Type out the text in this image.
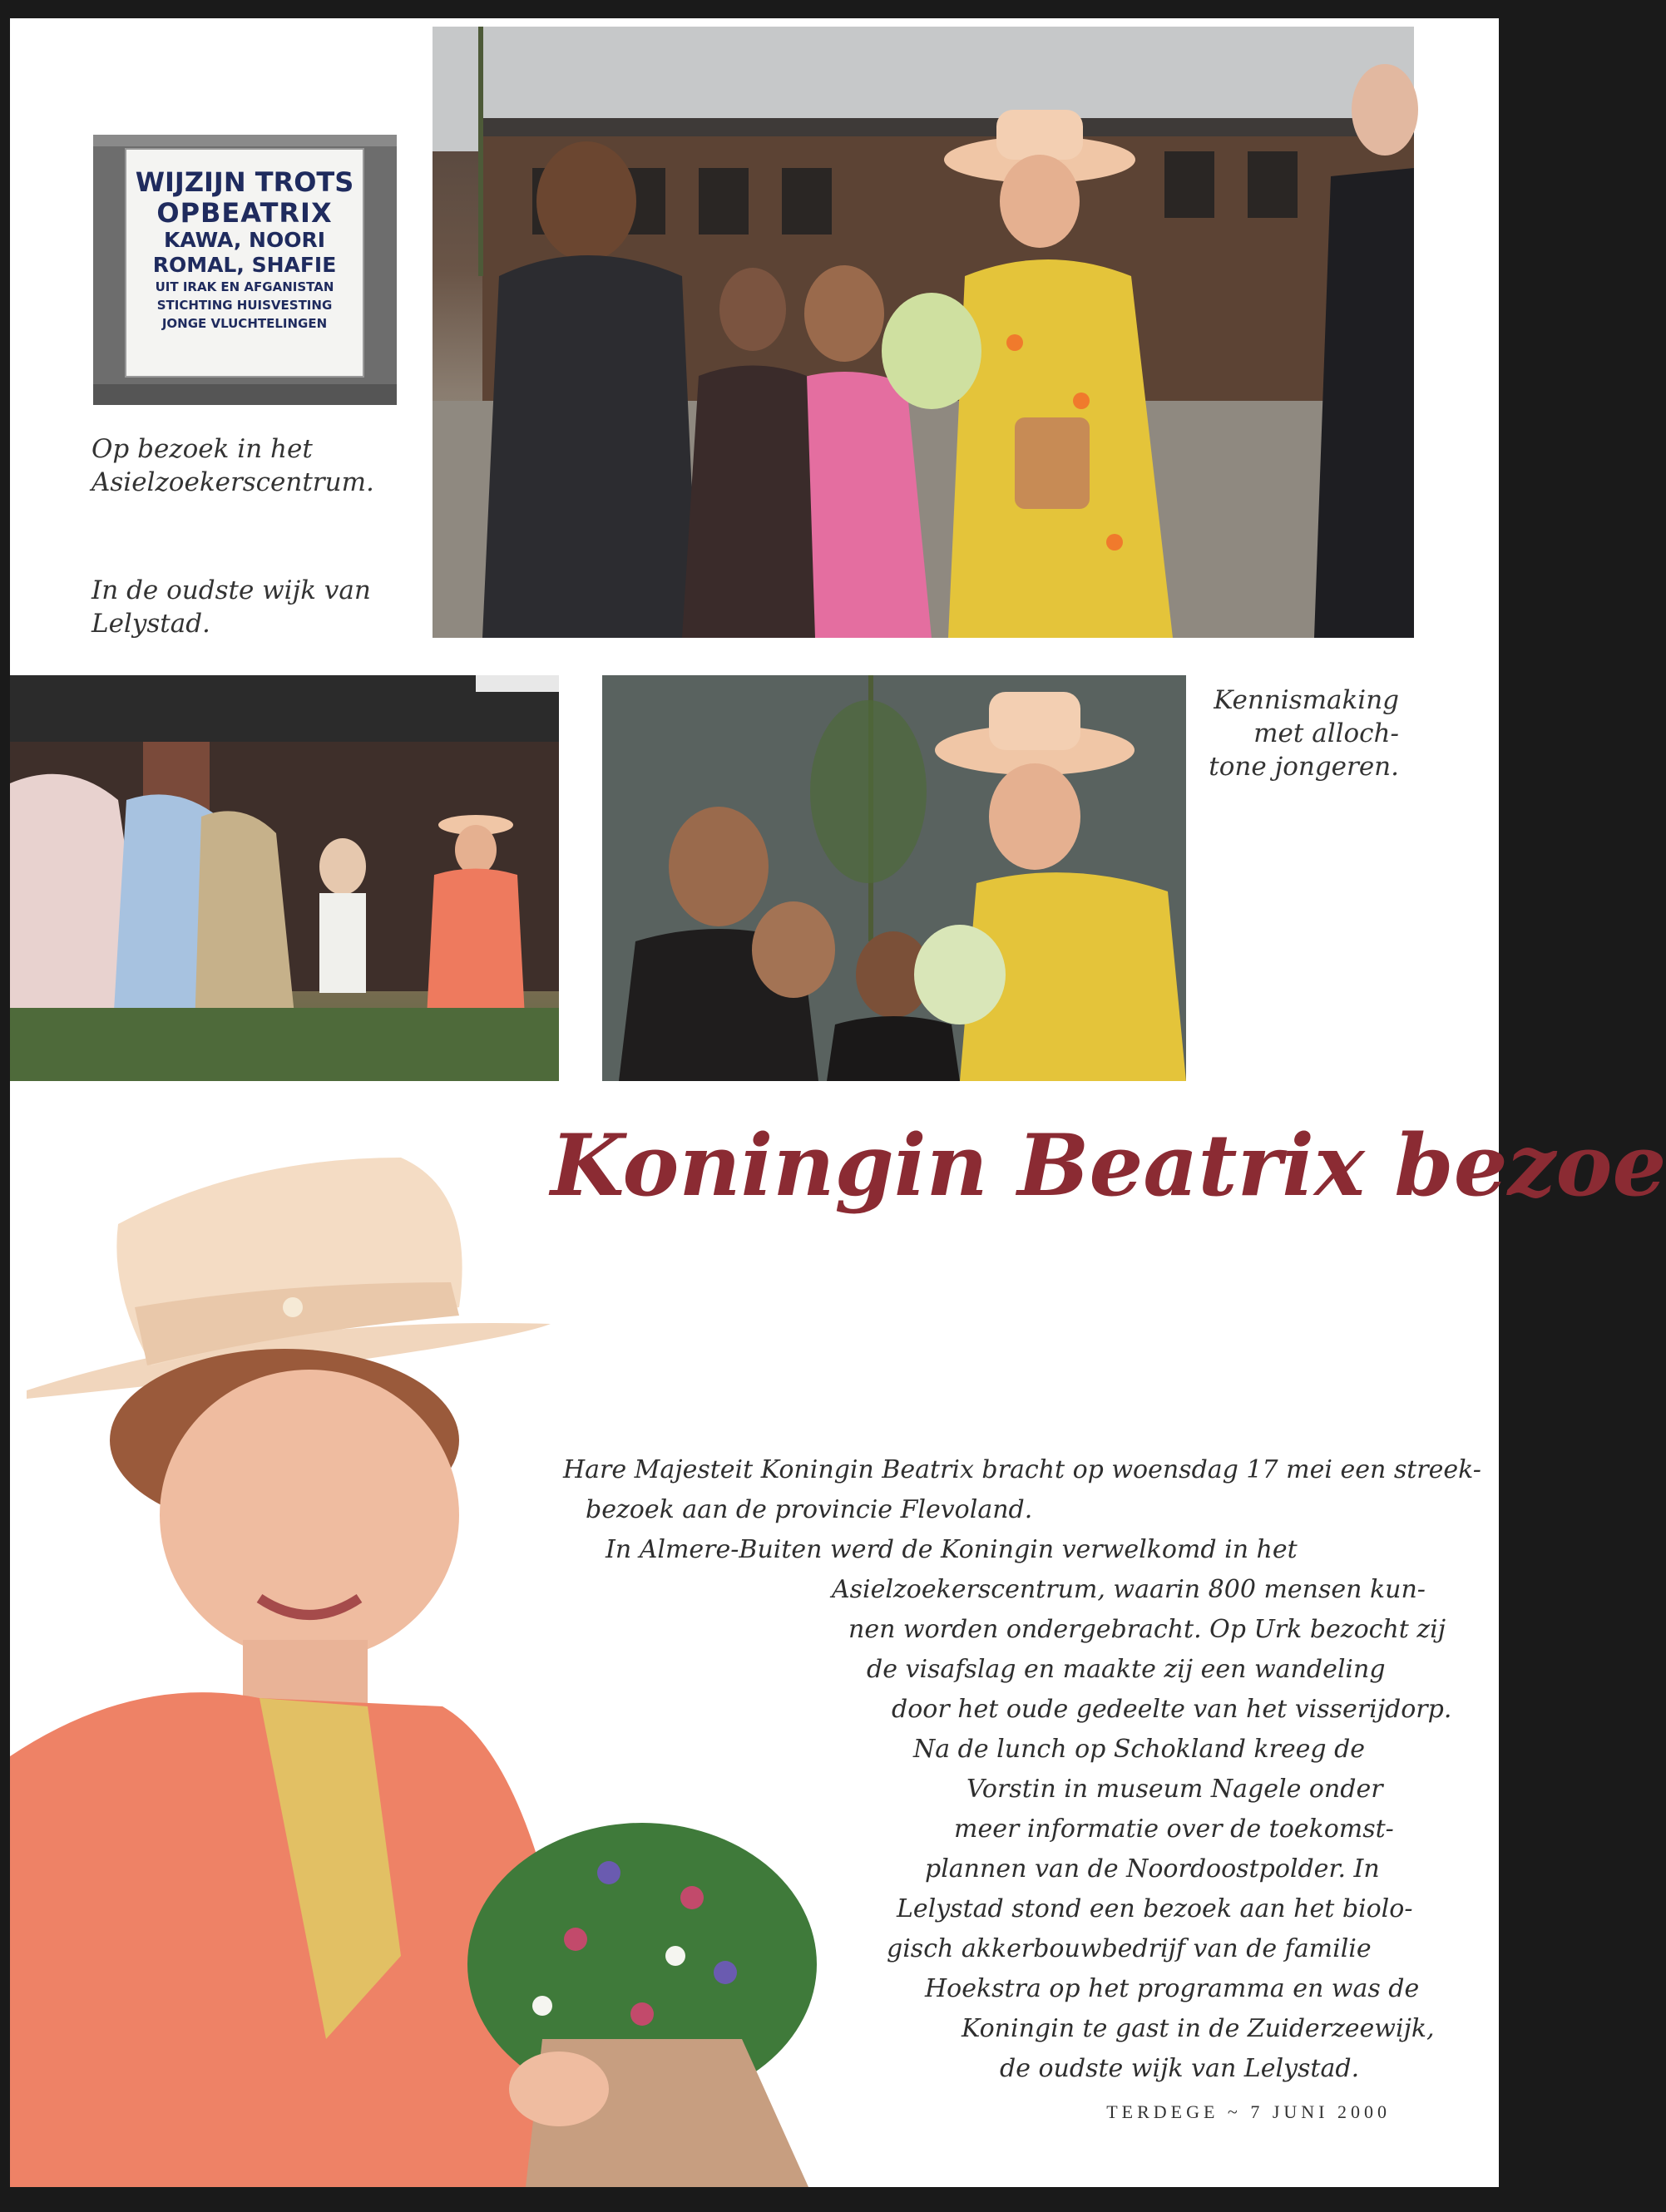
WIJZIJN TROTS
OPBEATRIX
KAWA, NOORI
ROMAL, SHAFIE
UIT IRAK EN AFGANISTAN
STICHTING HUISVESTING
JONGE VLUCHTELINGEN
Op bezoek in het
Asielzoekerscentrum.
In de oudste wijk van
Lelystad.
Kennismaking
met alloch-
tone jongeren.
Koningin Beatrix bezoe
Hare Majesteit Koningin Beatrix bracht op woensdag 17 mei een streek-
bezoek aan de provincie Flevoland.
In Almere-Buiten werd de Koningin verwelkomd in het
Asielzoekerscentrum, waarin 800 mensen kun-
nen worden ondergebracht. Op Urk bezocht zij
de visafslag en maakte zij een wandeling
door het oude gedeelte van het visserijdorp.
Na de lunch op Schokland kreeg de
Vorstin in museum Nagele onder
meer informatie over de toekomst-
plannen van de Noordoostpolder. In
Lelystad stond een bezoek aan het biolo-
gisch akkerbouwbedrijf van de familie
Hoekstra op het programma en was de
Koningin te gast in de Zuiderzeewijk,
de oudste wijk van Lelystad.
TERDEGE ~ 7 JUNI 2000
